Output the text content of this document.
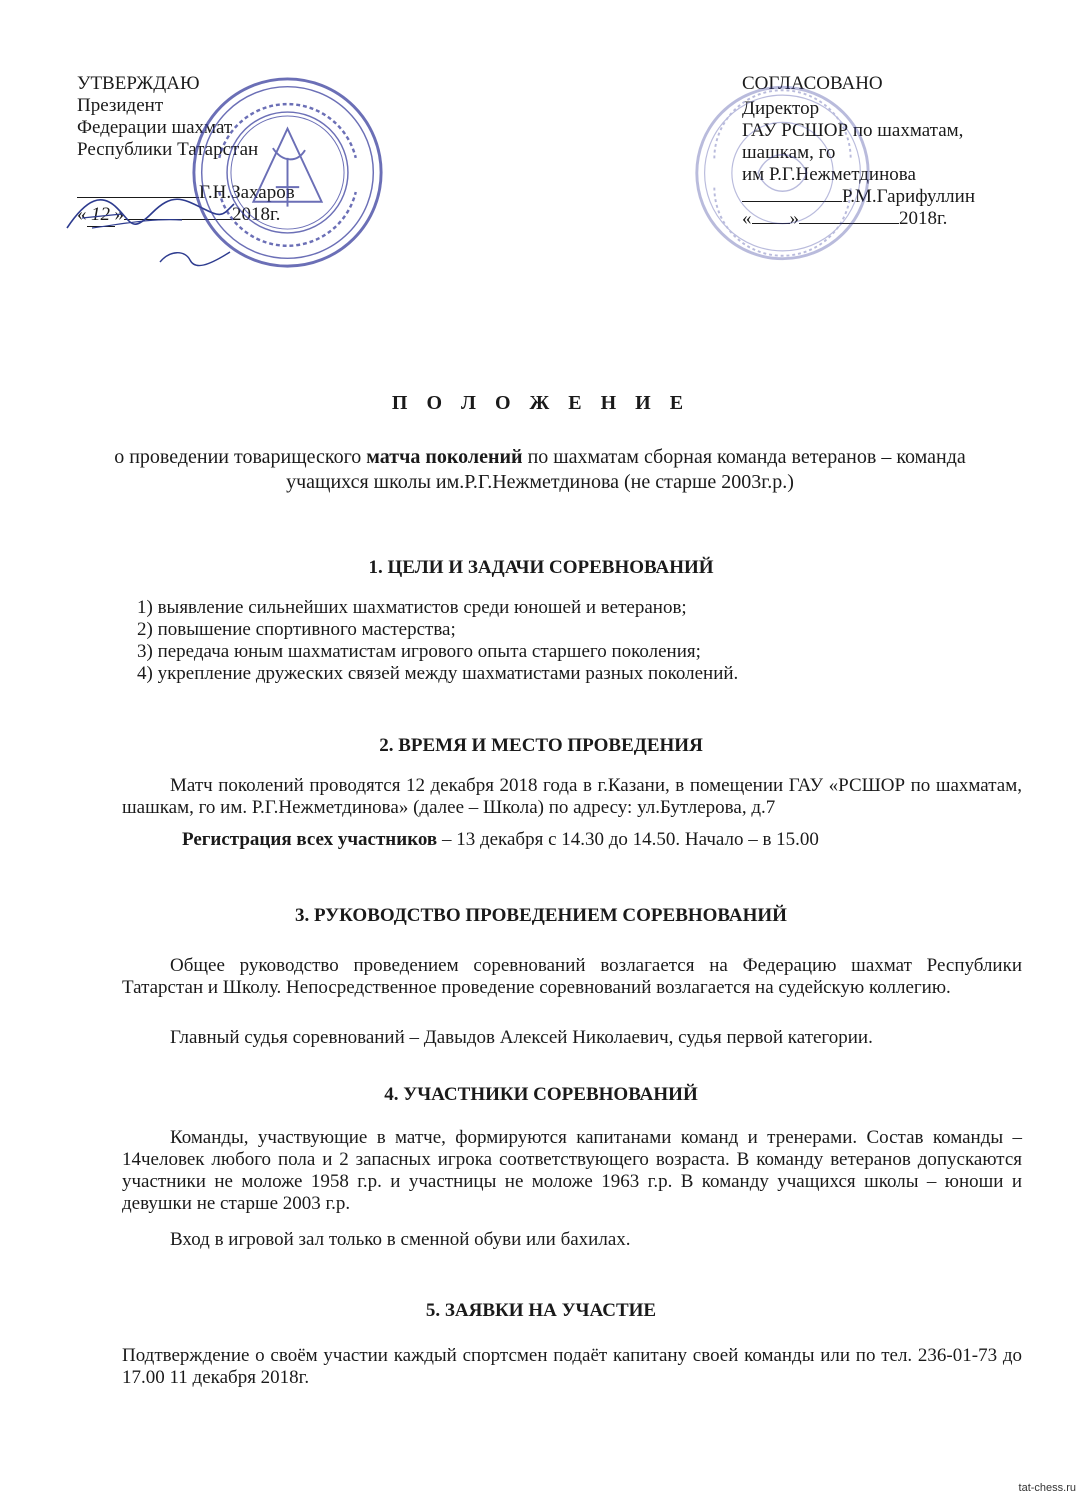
УТВЕРЖДАЮ
Президент
Федерации шахмат
Республики Татарстан
Г.Н.Захаров
« 12 »	2018г.
СОГЛАСОВАНО
Директор
ГАУ РСШОР по шахматам,
шашкам, го
им Р.Г.Нежметдинова
Р.М.Гарифуллин
« »	2018г.
П О Л О Ж Е Н И Е
о проведении товарищеского матча поколений по шахматам сборная команда ветеранов – команда учащихся школы им.Р.Г.Нежметдинова (не старше 2003г.р.)
1. ЦЕЛИ И ЗАДАЧИ СОРЕВНОВАНИЙ
1) выявление сильнейших шахматистов среди юношей и ветеранов;
2) повышение спортивного мастерства;
3) передача юным шахматистам игрового опыта старшего поколения;
4) укрепление дружеских связей между шахматистами разных поколений.
2. ВРЕМЯ И МЕСТО ПРОВЕДЕНИЯ
Матч поколений проводятся 12 декабря 2018 года в г.Казани, в помещении ГАУ «РСШОР по шахматам, шашкам, го им. Р.Г.Нежметдинова» (далее – Школа) по адресу: ул.Бутлерова, д.7
Регистрация всех участников – 13 декабря с 14.30 до 14.50. Начало – в 15.00
3. РУКОВОДСТВО ПРОВЕДЕНИЕМ СОРЕВНОВАНИЙ
Общее руководство проведением соревнований возлагается на Федерацию шахмат Республики Татарстан и Школу. Непосредственное проведение соревнований возлагается на судейскую коллегию.
Главный судья соревнований – Давыдов Алексей Николаевич, судья первой категории.
4. УЧАСТНИКИ СОРЕВНОВАНИЙ
Команды, участвующие в матче, формируются капитанами команд и тренерами. Состав команды – 14человек любого пола и 2 запасных игрока соответствующего возраста. В команду ветеранов допускаются участники не моложе 1958 г.р. и участницы не моложе 1963 г.р. В команду учащихся школы – юноши и девушки не старше 2003 г.р.
Вход в игровой зал только в сменной обуви или бахилах.
5. ЗАЯВКИ НА УЧАСТИЕ
Подтверждение о своём участии каждый спортсмен подаёт капитану своей команды или по тел. 236-01-73 до 17.00 11 декабря 2018г.
tat-chess.ru
